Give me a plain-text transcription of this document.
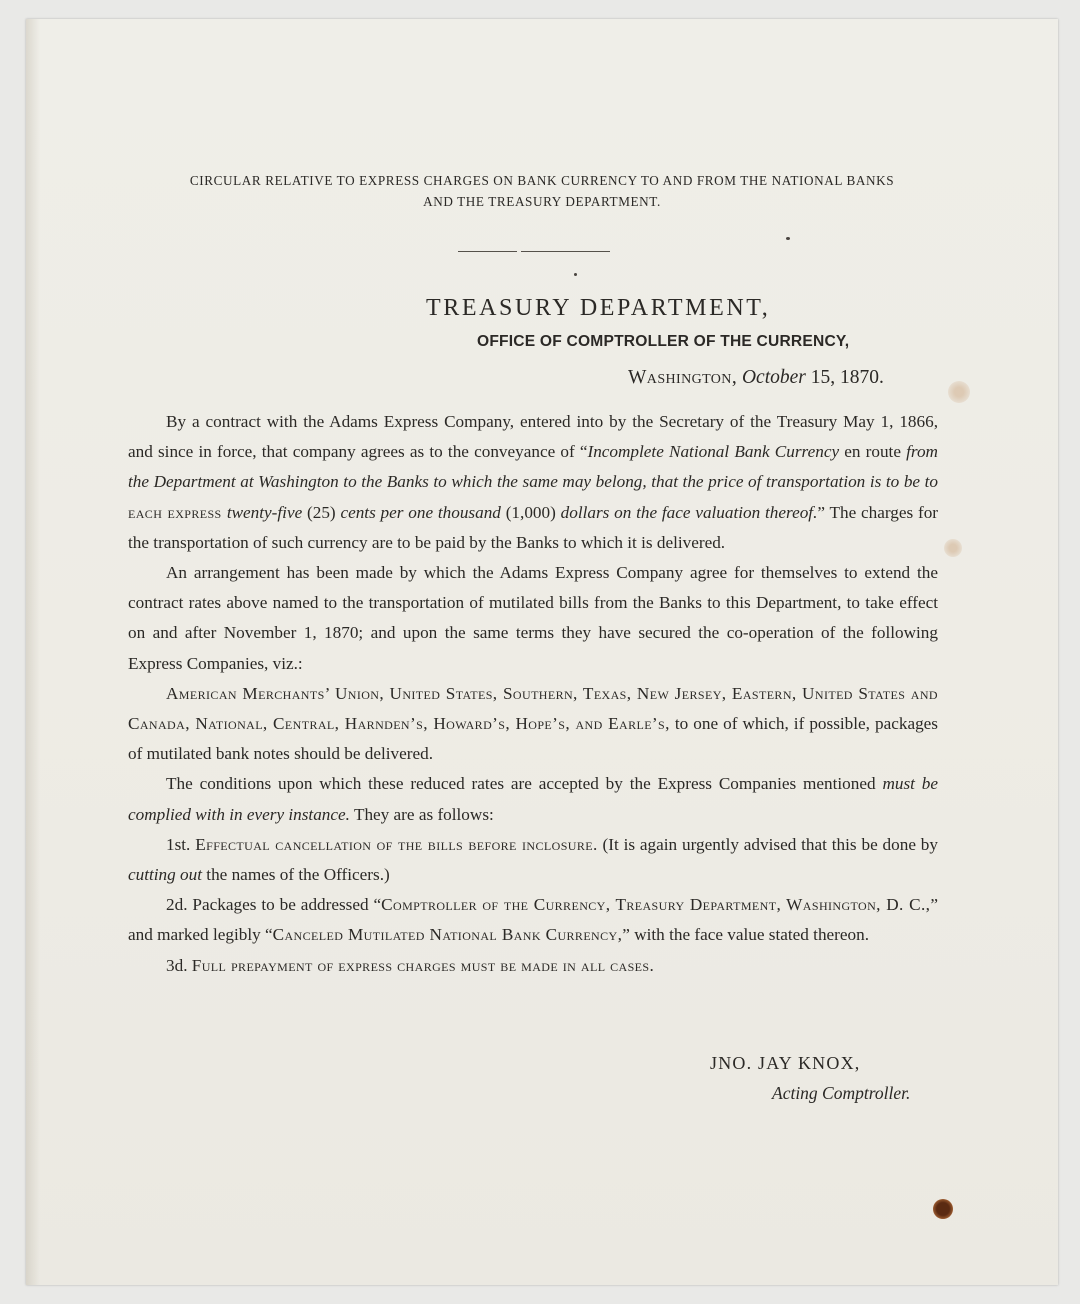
CIRCULAR RELATIVE TO EXPRESS CHARGES ON BANK CURRENCY TO AND FROM THE NATIONAL BANKS
AND THE TREASURY DEPARTMENT.
TREASURY DEPARTMENT,
OFFICE OF COMPTROLLER OF THE CURRENCY,
Washington, October 15, 1870.

By a contract with the Adams Express Company, entered into by the Secretary of the Treasury May 1, 1866, and since in force, that company agrees as to the conveyance of “Incomplete National Bank Currency en route from the Department at Washington to the Banks to which the same may belong, that the price of transportation is to be to each express twenty-five (25) cents per one thousand (1,000) dollars on the face valuation thereof.” The charges for the transportation of such currency are to be paid by the Banks to which it is delivered.

An arrangement has been made by which the Adams Express Company agree for themselves to extend the contract rates above named to the transportation of mutilated bills from the Banks to this Department, to take effect on and after November 1, 1870; and upon the same terms they have secured the co-operation of the following Express Companies, viz.:

American Merchants’ Union, United States, Southern, Texas, New Jersey, Eastern, United States and Canada, National, Central, Harnden’s, Howard’s, Hope’s, and Earle’s, to one of which, if possible, packages of mutilated bank notes should be delivered.

The conditions upon which these reduced rates are accepted by the Express Companies mentioned must be complied with in every instance. They are as follows:

1st. Effectual cancellation of the bills before inclosure. (It is again urgently advised that this be done by cutting out the names of the Officers.)

2d. Packages to be addressed “Comptroller of the Currency, Treasury Department, Washington, D. C.,” and marked legibly “Canceled Mutilated National Bank Currency,” with the face value stated thereon.

3d. Full prepayment of express charges must be made in all cases.

JNO. JAY KNOX,
Acting Comptroller.
